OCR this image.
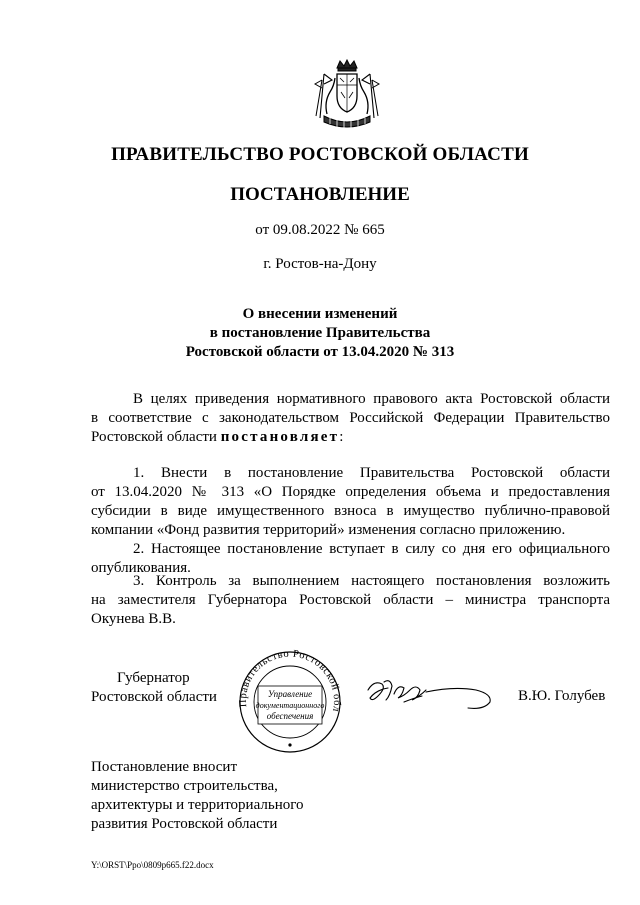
ПРАВИТЕЛЬСТВО РОСТОВСКОЙ ОБЛАСТИ
ПОСТАНОВЛЕНИЕ
от 09.08.2022 № 665
г. Ростов-на-Дону
О внесении изменений
в постановление Правительства
Ростовской области от 13.04.2020 № 313
В целях приведения нормативного правового акта Ростовской области
в соответствие с законодательством Российской Федерации Правительство
Ростовской области постановляет:
1. Внести в постановление Правительства Ростовской области
от 13.04.2020 № 313 «О Порядке определения объема и предоставления
субсидии в виде имущественного взноса в имущество публично-правовой
компании «Фонд развития территорий» изменения согласно приложению.
2. Настоящее постановление вступает в силу со дня его официального
опубликования.
3. Контроль за выполнением настоящего постановления возложить
на заместителя Губернатора Ростовской области – министра транспорта
Окунева В.В.
Губернатор
Ростовской области	Правительство Ростовской обл
Управление
документационного
обеспечения
В.Ю. Голубев
Постановление вносит
министерство строительства,
архитектуры и территориального
развития Ростовской области
Y:\ORST\Ppo\0809p665.f22.docx
